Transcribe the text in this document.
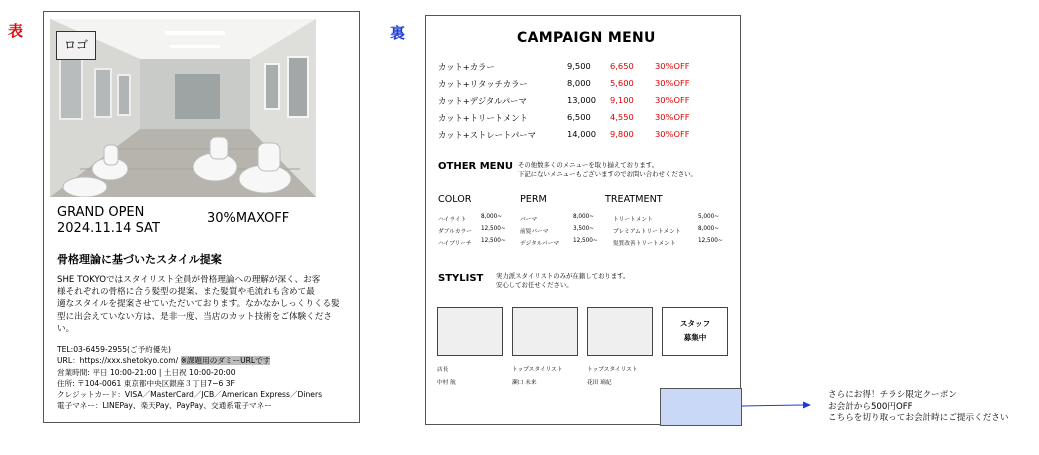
表	裏
ロゴ
GRAND OPEN
2024.11.14 SAT
30%MAXOFF
骨格理論に基づいたスタイル提案
SHE TOKYOではスタイリスト全員が骨格理論への理解が深く、お客
様それぞれの骨格に合う髪型の提案、また髪質や毛流れも含めて最
適なスタイルを提案させていただいております。なかなかしっくりくる髪
型に出会えていない方は、是非一度、当店のカット技術をご体験くださ
い。
TEL:03-6459-2955(ご予約優先)
URL：https://xxx.shetokyo.com/ ※課題用のダミーURLです
営業時間: 平日 10:00-21:00 | 土日祝 10:00-20:00
住所: 〒104-0061 東京都中央区銀座３丁目7−6 3F
クレジットカード：VISA／MasterCard／JCB／American Express／Diners
電子マネー：LINEPay、楽天Pay、PayPay、交通系電子マネー
CAMPAIGN MENU
カット+カラー	9,500 6,650	30%OFF
カット+リタッチカラー	8,000 5,600	30%OFF
カット+デジタルパーマ	13,000 9,100	30%OFF
カット+トリートメント	6,500 4,550	30%OFF
カット+ストレートパーマ	14,000 9,800	30%OFF
OTHER MENU その他数多くのメニューを取り揃えております。
下記にないメニューもございますのでお問い合わせください。
COLOR	PERM	TREATMENT
ハイライト	8,000~
ダブルカラー 12,500~
ハイブリーチ 12,500~
パーマ	8,000~
前髪パーマ	3,500~
デジタルパーマ 12,500~
トリートメント	5,000~
プレミアムトリートメント	8,000~
髪質改善トリートメント	12,500~
STYLIST 実力派スタイリストのみが在籍しております。
安心してお任せください。
スタッフ
募集中
店長
中村 航
トップスタイリスト
瀬口 未来
トップスタイリスト
花田 璃紀
さらにお得！チラシ限定クーポン
お会計から500円OFF
こちらを切り取ってお会計時にご提示ください
